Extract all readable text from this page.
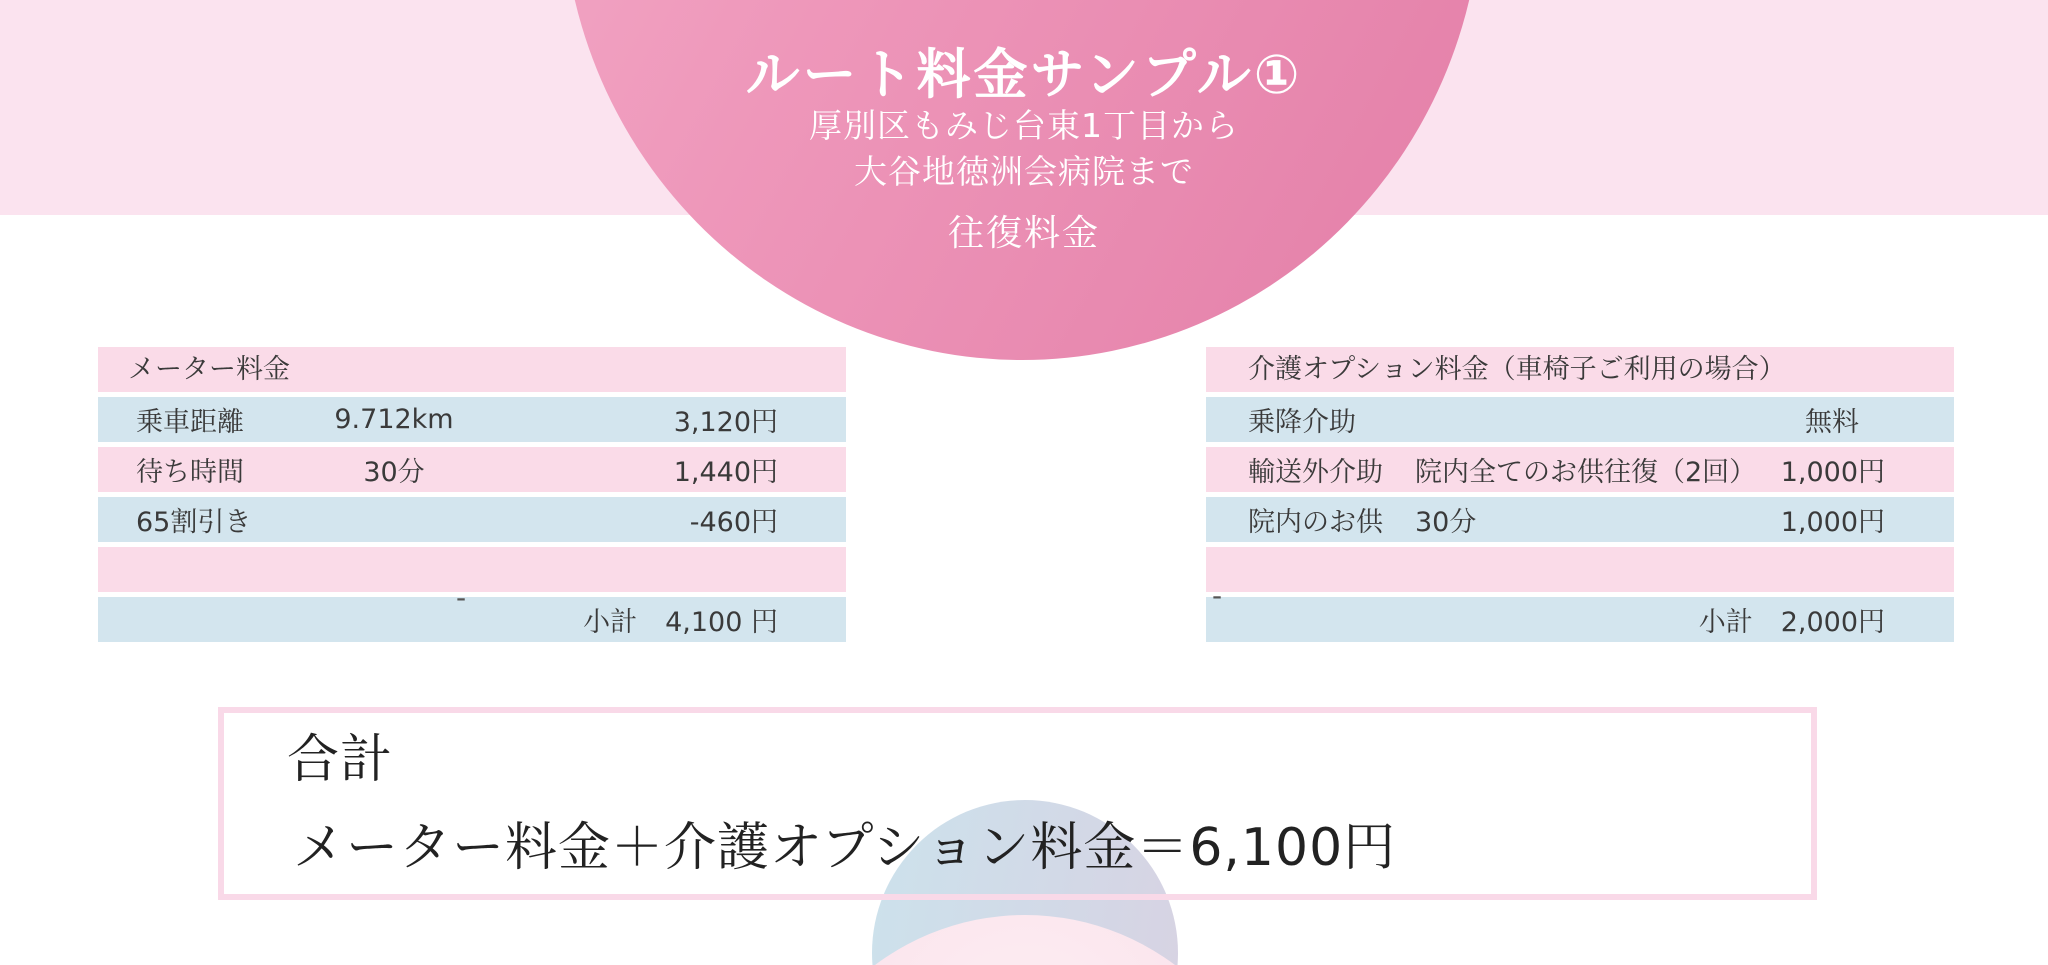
ルート料金サンプル①
厚別区もみじ台東1丁目から
大谷地徳洲会病院まで
往復料金
メーター料金
乗車距離	9.712km	3,120円
待ち時間	30分	1,440円
65割引き	-460円
小計 4,100 円
介護オプション料金（車椅子ご利用の場合）
乗降介助	無料
輸送外介助	院内全てのお供往復（2回） 1,000円
院内のお供	30分	1,000円
小計 2,000円
-	-
合計
メーター料金＋介護オプション料金＝6,100円
